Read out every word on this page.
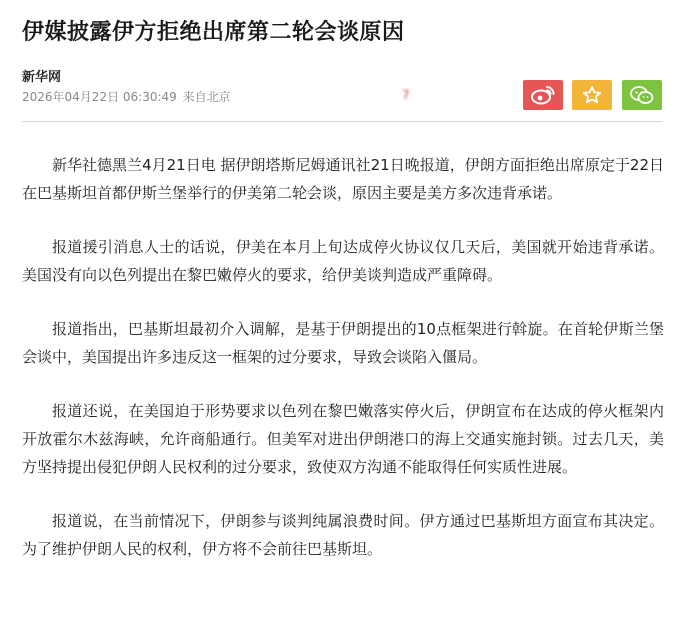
伊媒披露伊方拒绝出席第二轮会谈原因
新华网
2026年04月22日 06:30:49 来自北京	7

新华社德黑兰4月21日电 据伊朗塔斯尼姆通讯社21日晚报道，伊朗方面拒绝出席原定于22日在巴基斯坦首都伊斯兰堡举行的伊美第二轮会谈，原因主要是美方多次违背承诺。

报道援引消息人士的话说，伊美在本月上旬达成停火协议仅几天后，美国就开始违背承诺。美国没有向以色列提出在黎巴嫩停火的要求，给伊美谈判造成严重障碍。

报道指出，巴基斯坦最初介入调解，是基于伊朗提出的10点框架进行斡旋。在首轮伊斯兰堡会谈中，美国提出许多违反这一框架的过分要求，导致会谈陷入僵局。

报道还说，在美国迫于形势要求以色列在黎巴嫩落实停火后，伊朗宣布在达成的停火框架内开放霍尔木兹海峡，允许商船通行。但美军对进出伊朗港口的海上交通实施封锁。过去几天，美方坚持提出侵犯伊朗人民权利的过分要求，致使双方沟通不能取得任何实质性进展。

报道说，在当前情况下，伊朗参与谈判纯属浪费时间。伊方通过巴基斯坦方面宣布其决定。为了维护伊朗人民的权利，伊方将不会前往巴基斯坦。
